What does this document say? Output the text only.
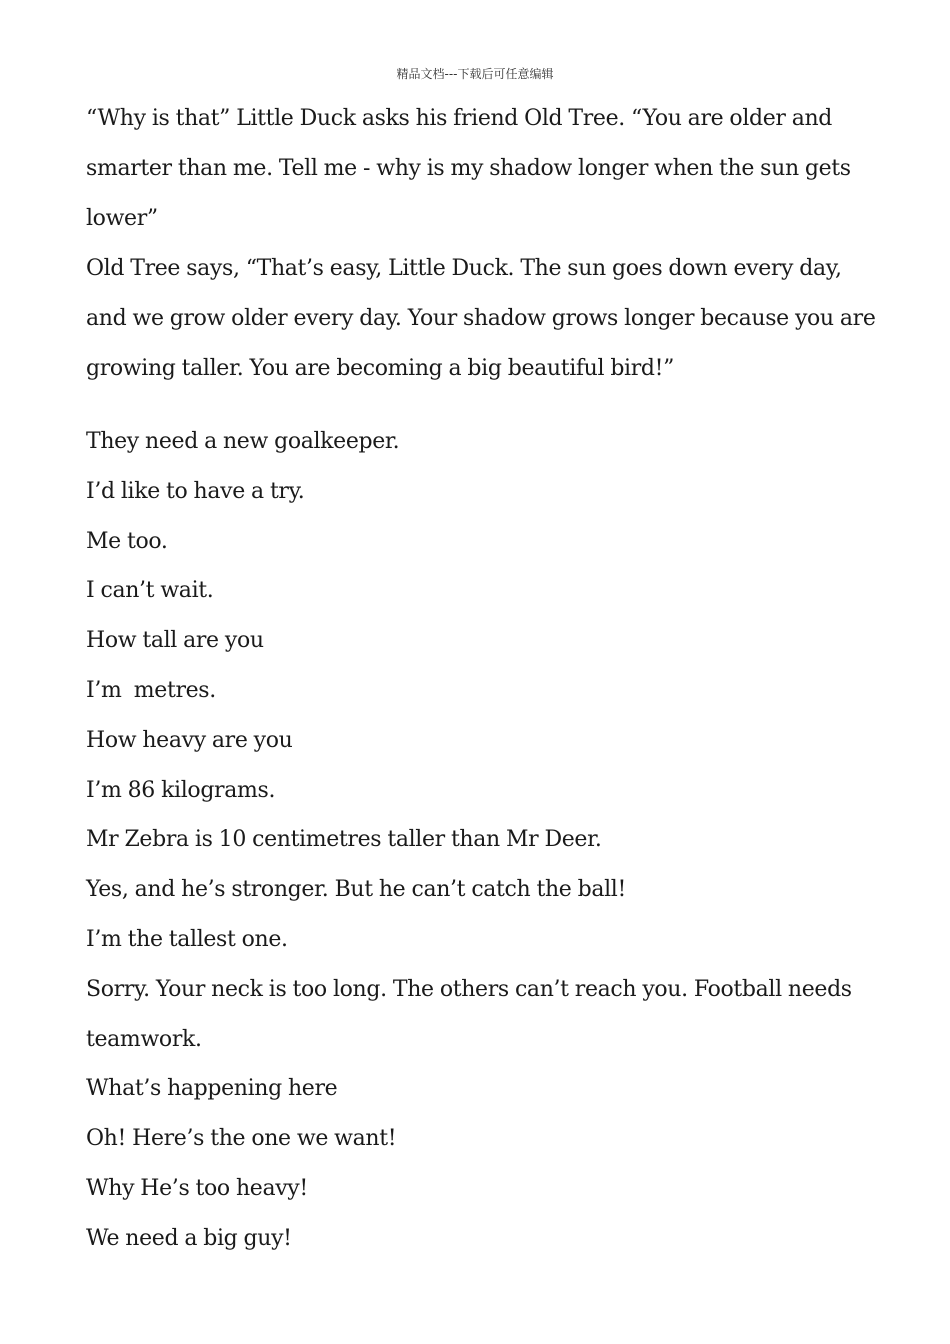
精品文档---下载后可任意编辑

“Why is that” Little Duck asks his friend Old Tree. “You are older and smarter than me. Tell me - why is my shadow longer when the sun gets lower”

Old Tree says, “That’s easy, Little Duck. The sun goes down every day, and we grow older every day. Your shadow grows longer because you are growing taller. You are becoming a big beautiful bird!”

They need a new goalkeeper.

I’d like to have a try.

Me too.

I can’t wait.

How tall are you

I’m  metres.

How heavy are you

I’m 86 kilograms.

Mr Zebra is 10 centimetres taller than Mr Deer.

Yes, and he’s stronger. But he can’t catch the ball!

I’m the tallest one.

Sorry. Your neck is too long. The others can’t reach you. Football needs teamwork.

What’s happening here

Oh! Here’s the one we want!

Why He’s too heavy!

We need a big guy!
